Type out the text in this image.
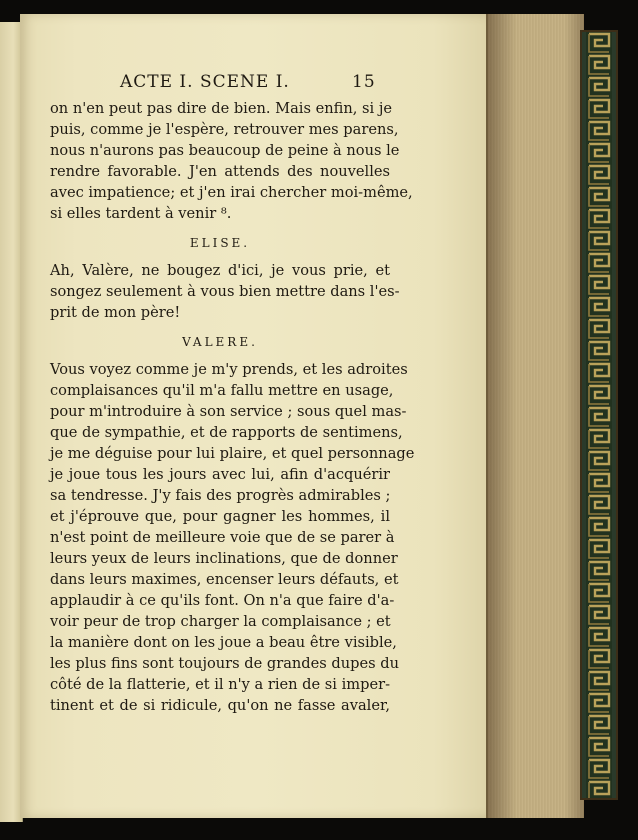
ACTE I. SCENE I.	15
on n'en peut pas dire de bien. Mais enfin, si je
puis, comme je l'espère, retrouver mes parens,
nous n'aurons pas beaucoup de peine à nous le
rendre favorable. J'en attends des nouvelles
avec impatience; et j'en irai chercher moi-même,
si elles tardent à venir ⁸.
ELISE.
Ah, Valère, ne bougez d'ici, je vous prie, et
songez seulement à vous bien mettre dans l'es-
prit de mon père!
VALERE.
Vous voyez comme je m'y prends, et les adroites
complaisances qu'il m'a fallu mettre en usage,
pour m'introduire à son service ; sous quel mas-
que de sympathie, et de rapports de sentimens,
je me déguise pour lui plaire, et quel personnage
je joue tous les jours avec lui, afin d'acquérir
sa tendresse. J'y fais des progrès admirables ;
et j'éprouve que, pour gagner les hommes, il
n'est point de meilleure voie que de se parer à
leurs yeux de leurs inclinations, que de donner
dans leurs maximes, encenser leurs défauts, et
applaudir à ce qu'ils font. On n'a que faire d'a-
voir peur de trop charger la complaisance ; et
la manière dont on les joue a beau être visible,
les plus fins sont toujours de grandes dupes du
côté de la flatterie, et il n'y a rien de si imper-
tinent et de si ridicule, qu'on ne fasse avaler,
